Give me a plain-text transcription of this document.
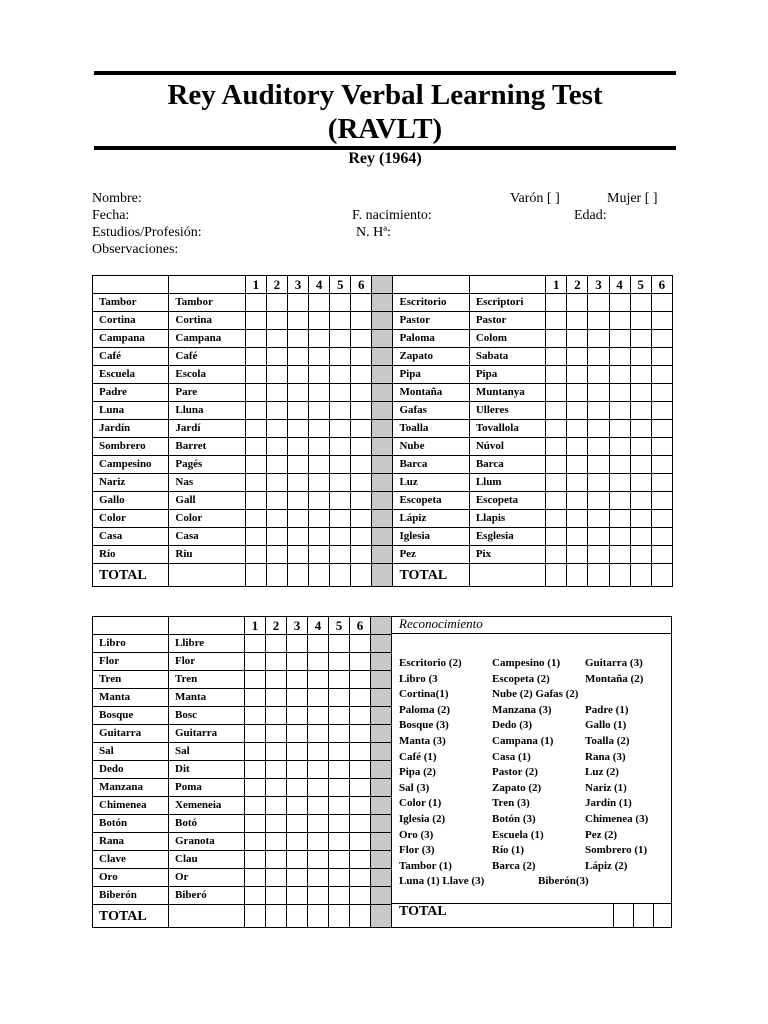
Rey Auditory Verbal Learning Test
(RAVLT)
Rey (1964)
Nombre:	Varón [ ]	Mujer [ ]
Fecha:	F. nacimiento:	Edad:
Estudios/Profesión:	N. Hª:
Observaciones:
		1	2	3	4	5	6				1	2	3	4	5	6
Tambor	Tambor								Escritorio	Escriptori						
Cortina	Cortina								Pastor	Pastor						
Campana	Campana								Paloma	Colom						
Café	Café								Zapato	Sabata						
Escuela	Escola								Pipa	Pipa						
Padre	Pare								Montaña	Muntanya						
Luna	Lluna								Gafas	Ulleres						
Jardín	Jardí								Toalla	Tovallola						
Sombrero	Barret								Nube	Núvol						
Campesino	Pagés								Barca	Barca						
Nariz	Nas								Luz	Llum						
Gallo	Gall								Escopeta	Escopeta						
Color	Color								Lápiz	Llapis						
Casa	Casa								Iglesia	Esglesia						
Río	Riu								Pez	Pix						
TOTAL									TOTAL							
		1	2	3	4	5	6	
Libro	Llibre							
Flor	Flor							
Tren	Tren							
Manta	Manta							
Bosque	Bosc							
Guitarra	Guitarra							
Sal	Sal							
Dedo	Dit							
Manzana	Poma							
Chimenea	Xemeneia							
Botón	Botó							
Rana	Granota							
Clave	Clau							
Oro	Or							
Biberón	Biberó							
TOTAL								
Reconocimiento
Escritorio (2)	Campesino (1) Guitarra (3)
Libro (3	Escopeta (2)	Montaña (2)
Cortina(1)	Nube (2) Gafas (2)
Paloma (2)	Manzana (3)	Padre (1)
Bosque (3)	Dedo (3)	Gallo (1)
Manta (3)	Campana (1)	Toalla (2)
Café (1)	Casa (1)	Rana (3)
Pipa (2)	Pastor (2)	Luz (2)
Sal (3)	Zapato (2)	Nariz (1)
Color (1)	Tren (3)	Jardín (1)
Iglesia (2)	Botón (3)	Chimenea (3)
Oro (3)	Escuela (1)	Pez (2)
Flor (3)	Río (1)	Sombrero (1)
Tambor (1)	Barca (2)	Lápiz (2)
Luna (1) Llave (3)	Biberón(3)
TOTAL
